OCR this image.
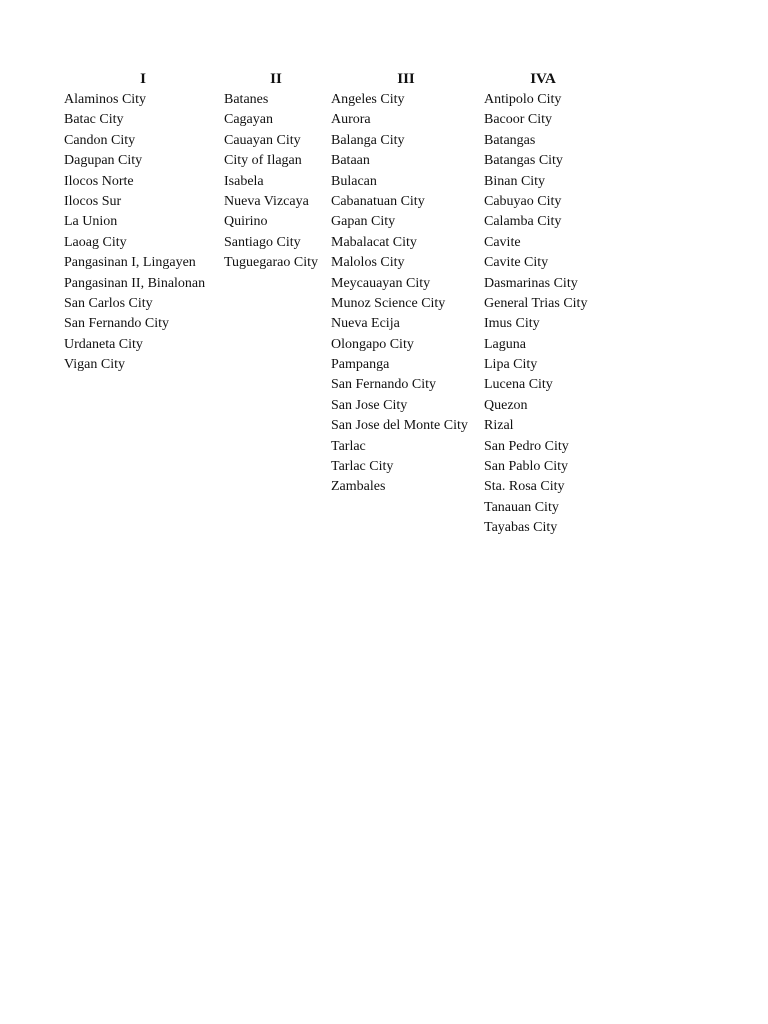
I
Alaminos City
Batac City
Candon City
Dagupan City
Ilocos Norte
Ilocos Sur
La Union
Laoag City
Pangasinan I, Lingayen
Pangasinan II, Binalonan
San Carlos City
San Fernando City
Urdaneta City
Vigan City
II
Batanes
Cagayan
Cauayan City
City of Ilagan
Isabela
Nueva Vizcaya
Quirino
Santiago City
Tuguegarao City
III
Angeles City
Aurora
Balanga City
Bataan
Bulacan
Cabanatuan City
Gapan City
Mabalacat City
Malolos City
Meycauayan City
Munoz Science City
Nueva Ecija
Olongapo City
Pampanga
San Fernando City
San Jose City
San Jose del Monte City
Tarlac
Tarlac City
Zambales
IVA
Antipolo City
Bacoor City
Batangas
Batangas City
Binan City
Cabuyao City
Calamba City
Cavite
Cavite City
Dasmarinas City
General Trias City
Imus City
Laguna
Lipa City
Lucena City
Quezon
Rizal
San Pedro City
San Pablo City
Sta. Rosa City
Tanauan City
Tayabas City
